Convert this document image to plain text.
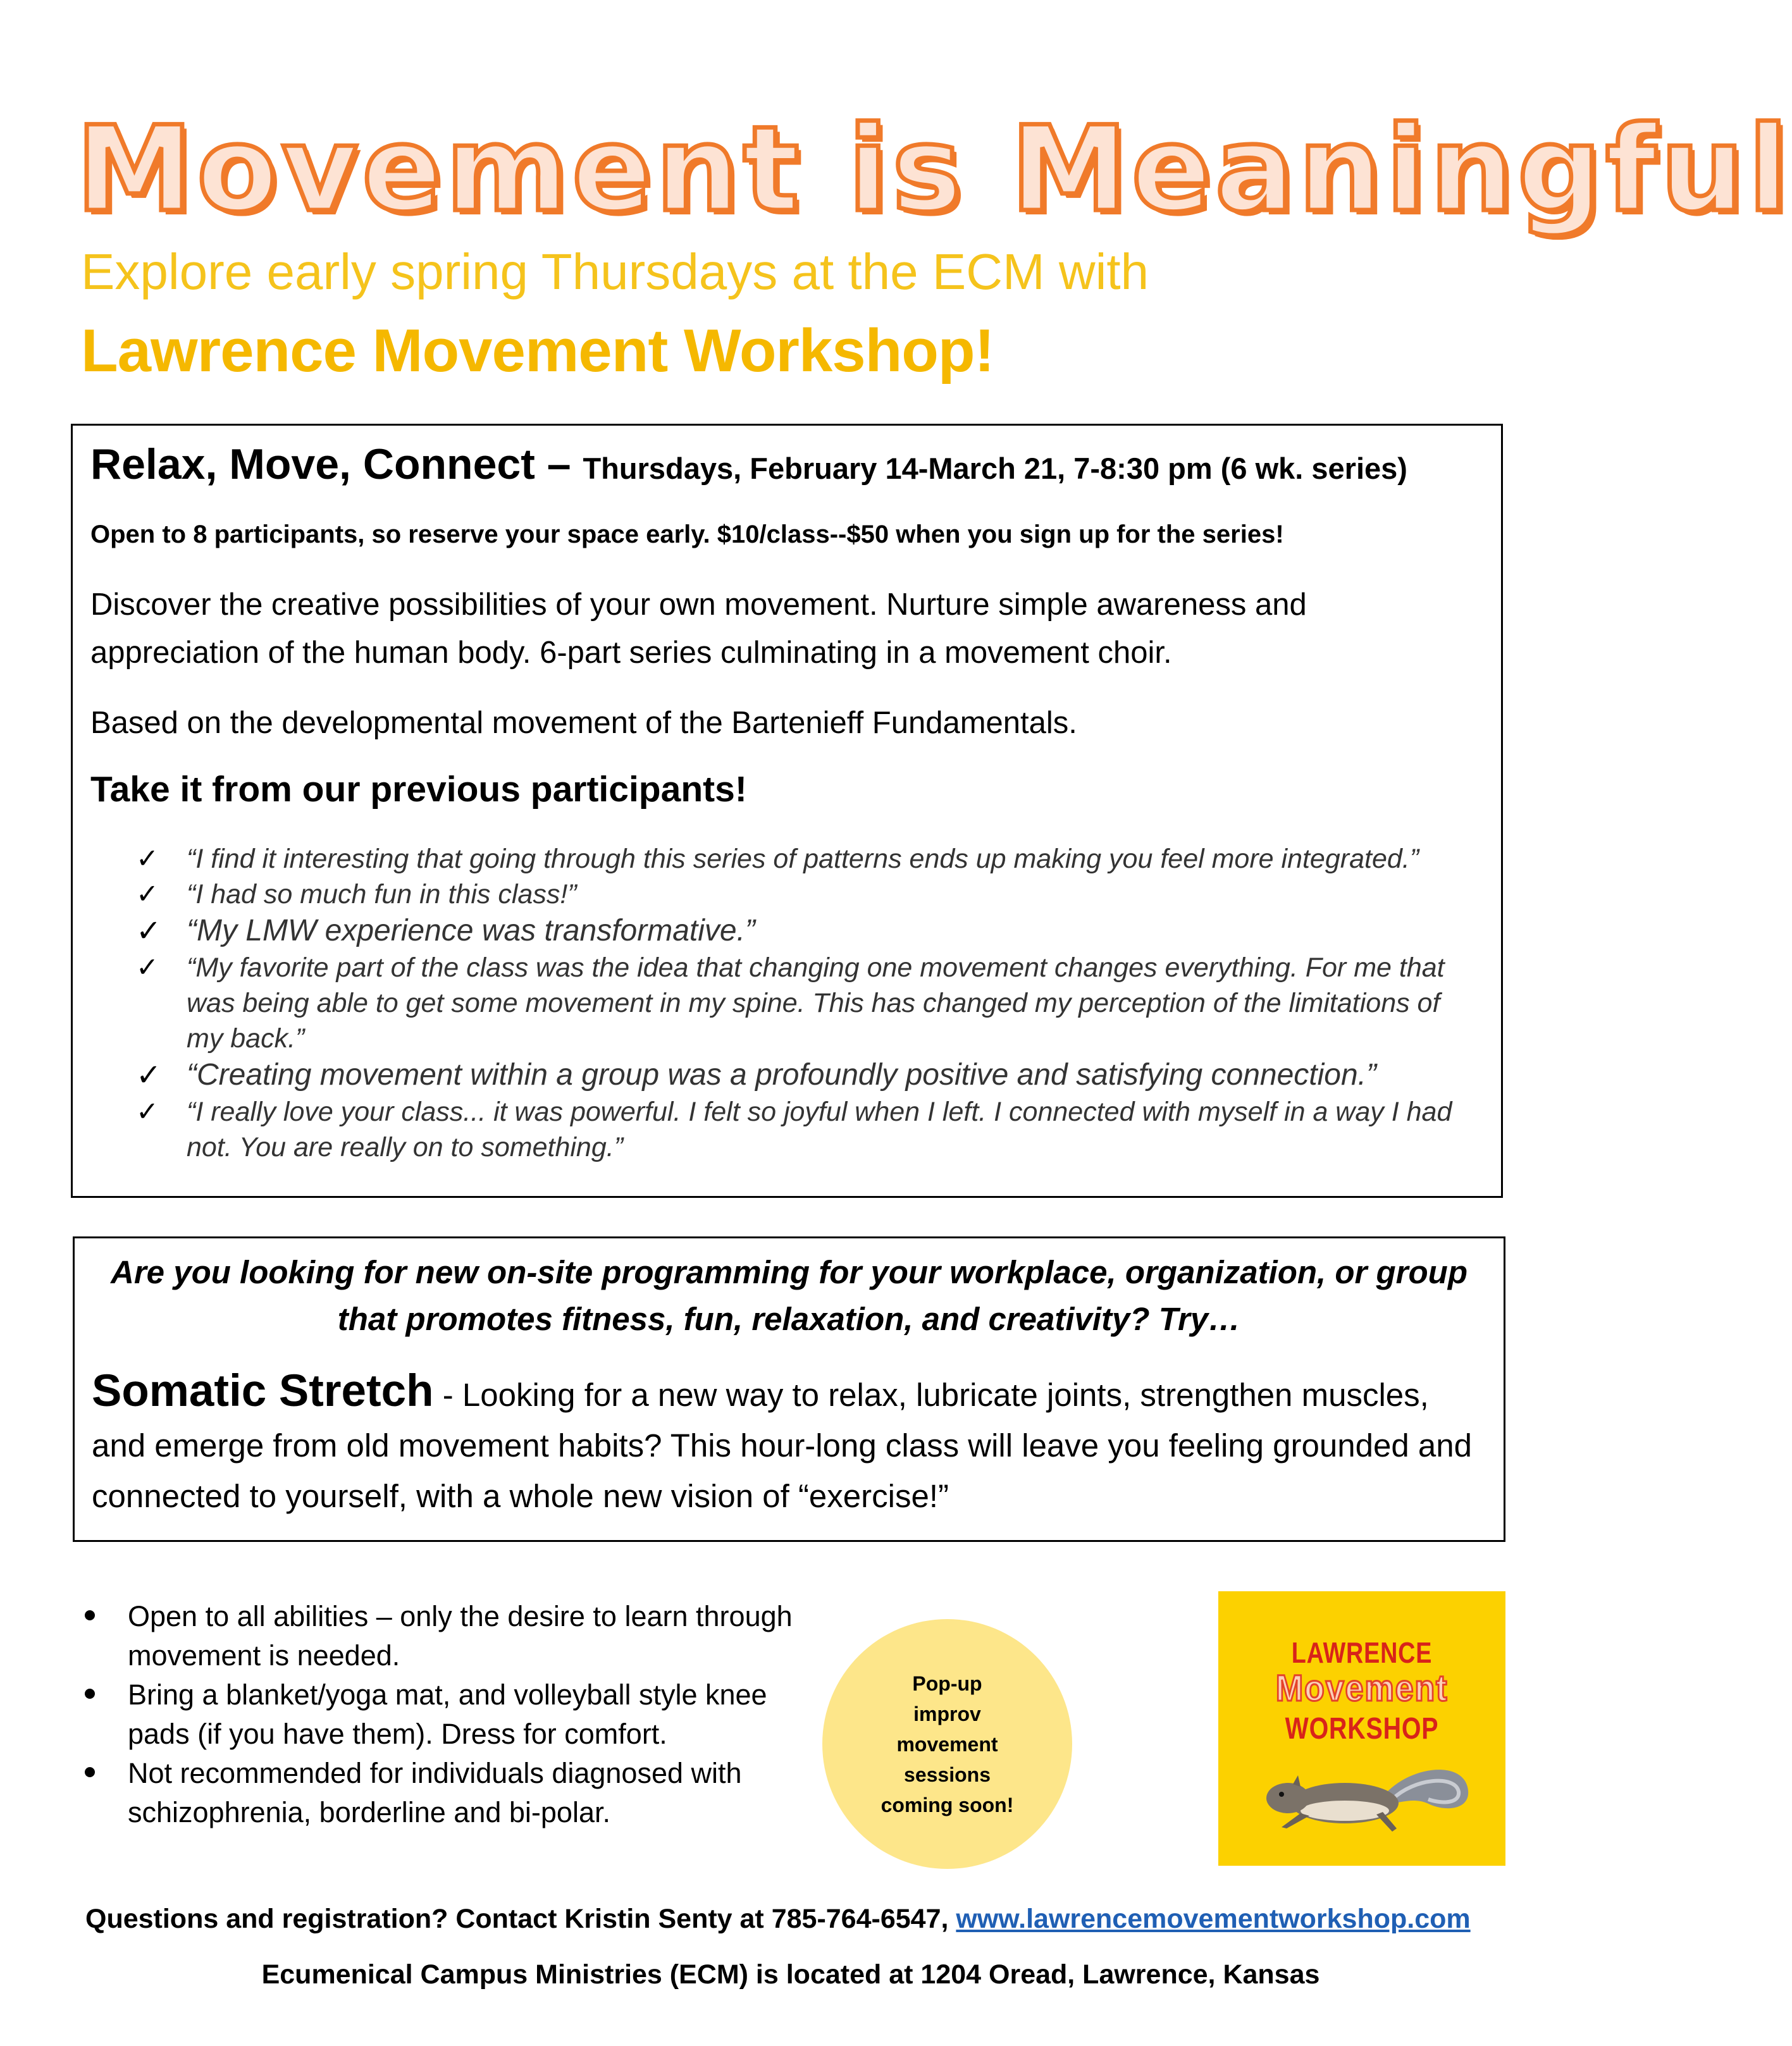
Movement is Meaningful
Explore early spring Thursdays at the ECM with
Lawrence Movement Workshop!
Relax, Move, Connect – Thursdays, February 14-March 21, 7-8:30 pm (6 wk. series)
Open to 8 participants, so reserve your space early. $10/class--$50 when you sign up for the series!
Discover the creative possibilities of your own movement. Nurture simple awareness and appreciation of the human body. 6-part series culminating in a movement choir.
Based on the developmental movement of the Bartenieff Fundamentals.
Take it from our previous participants!
✓ “I find it interesting that going through this series of patterns ends up making you feel more integrated.”
✓ “I had so much fun in this class!”
✓ “My LMW experience was transformative.”
✓ “My favorite part of the class was the idea that changing one movement changes everything. For me that was being able to get some movement in my spine. This has changed my perception of the limitations of my back.”
✓ “Creating movement within a group was a profoundly positive and satisfying connection.”
✓ “I really love your class... it was powerful. I felt so joyful when I left. I connected with myself in a way I had not. You are really on to something.”
Are you looking for new on-site programming for your workplace, organization, or group that promotes fitness, fun, relaxation, and creativity? Try…
Somatic Stretch - Looking for a new way to relax, lubricate joints, strengthen muscles, and emerge from old movement habits? This hour-long class will leave you feeling grounded and connected to yourself, with a whole new vision of “exercise!”
Open to all abilities – only the desire to learn through movement is needed.
Bring a blanket/yoga mat, and volleyball style knee pads (if you have them). Dress for comfort.
Not recommended for individuals diagnosed with schizophrenia, borderline and bi-polar.
Pop-up
improv
movement
sessions
coming soon!
LAWRENCE
Movement
WORKSHOP
Questions and registration? Contact Kristin Senty at 785-764-6547, www.lawrencemovementworkshop.com
Ecumenical Campus Ministries (ECM) is located at 1204 Oread, Lawrence, Kansas
